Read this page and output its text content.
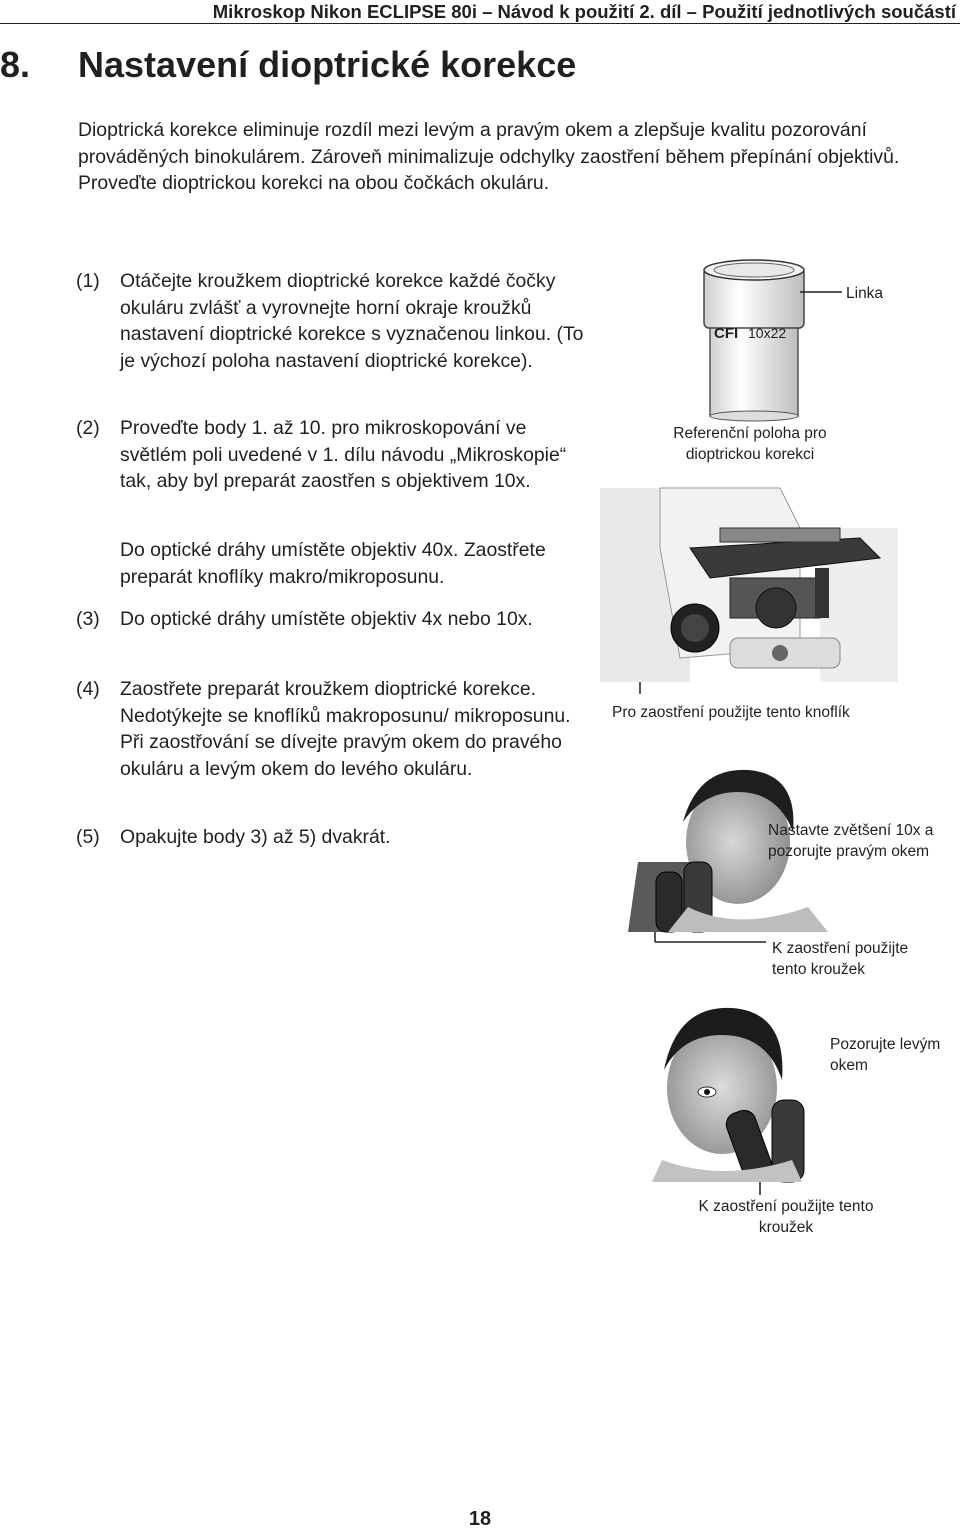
Mikroskop Nikon ECLIPSE 80i – Návod k použití 2. díl – Použití jednotlivých součástí
8. Nastavení dioptrické korekce
Dioptrická korekce eliminuje rozdíl mezi levým a pravým okem a zlepšuje kvalitu pozorování prováděných binokulárem. Zároveň minimalizuje odchylky zaostření během přepínání objektivů. Proveďte dioptrickou korekci na obou čočkách okuláru.
(1) Otáčejte kroužkem dioptrické korekce každé čočky okuláru zvlášť a vyrovnejte horní okraje kroužků nastavení dioptrické korekce s vyznačenou linkou. (To je výchozí poloha nastavení dioptrické korekce).
(2) Proveďte body 1. až 10. pro mikroskopování ve světlém poli uvedené v 1. dílu návodu „Mikroskopie“ tak, aby byl preparát zaostřen s objektivem 10x.
Do optické dráhy umístěte objektiv 40x. Zaostřete preparát knoflíky makro/mikroposunu.
(3) Do optické dráhy umístěte objektiv 4x nebo 10x.
(4) Zaostřete preparát kroužkem dioptrické korekce. Nedotýkejte se knoflíků makroposunu/ mikroposunu. Při zaostřování se dívejte pravým okem do pravého okuláru a levým okem do levého okuláru.
(5) Opakujte body 3) až 5) dvakrát.
CFI 10x22
Linka
Referenční poloha pro dioptrickou korekci
Pro zaostření použijte tento knoflík
Nastavte zvětšení 10x a pozorujte pravým okem
K zaostření použijte tento kroužek
Pozorujte levým okem
K zaostření použijte tento kroužek
18
